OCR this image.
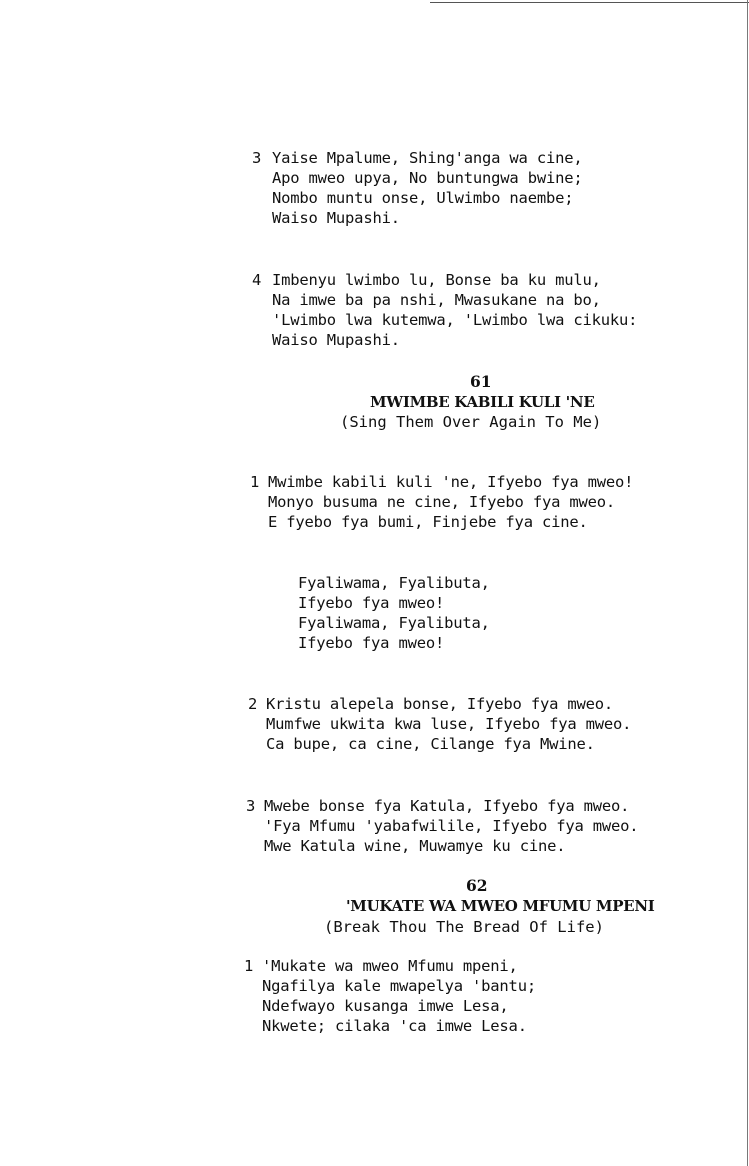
3 Yaise Mpalume, Shing'anga wa cine,
Apo mweo upya, No buntungwa bwine;
Nombo muntu onse, Ulwimbo naembe;
Waiso Mupashi.
4 Imbenyu lwimbo lu, Bonse ba ku mulu,
Na imwe ba pa nshi, Mwasukane na bo,
'Lwimbo lwa kutemwa, 'Lwimbo lwa cikuku:
Waiso Mupashi.
61
MWIMBE KABILI KULI 'NE
(Sing Them Over Again To Me)
1 Mwimbe kabili kuli 'ne, Ifyebo fya mweo!
Monyo busuma ne cine, Ifyebo fya mweo.
E fyebo fya bumi, Finjebe fya cine.
Fyaliwama, Fyalibuta,
Ifyebo fya mweo!
Fyaliwama, Fyalibuta,
Ifyebo fya mweo!
2 Kristu alepela bonse, Ifyebo fya mweo.
Mumfwe ukwita kwa luse, Ifyebo fya mweo.
Ca bupe, ca cine, Cilange fya Mwine.
3 Mwebe bonse fya Katula, Ifyebo fya mweo.
'Fya Mfumu 'yabafwilile, Ifyebo fya mweo.
Mwe Katula wine, Muwamye ku cine.
62
'MUKATE WA MWEO MFUMU MPENI
(Break Thou The Bread Of Life)
1 'Mukate wa mweo Mfumu mpeni,
Ngafilya kale mwapelya 'bantu;
Ndefwayo kusanga imwe Lesa,
Nkwete; cilaka 'ca imwe Lesa.
